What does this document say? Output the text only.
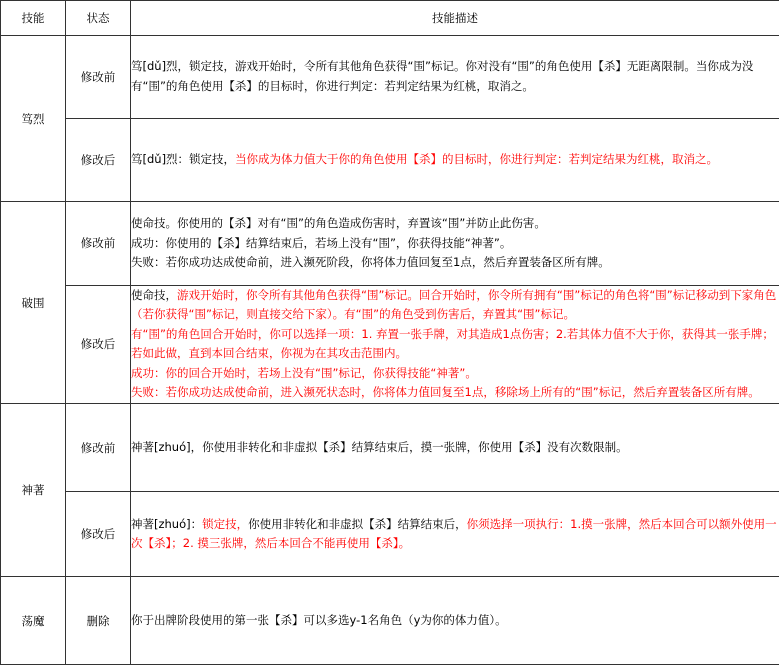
技能	状态	技能描述
笃烈	修改前	笃[dǔ]烈，锁定技，游戏开始时，令所有其他角色获得“围”标记。你对没有“围”的角色使用【杀】无距离限制。当你成为没有“围”的角色使用【杀】的目标时，你进行判定：若判定结果为红桃，取消之。

	修改后	笃[dǔ]烈：锁定技，当你成为体力值大于你的角色使用【杀】的目标时，你进行判定：若判定结果为红桃，取消之。

破围	修改前	使命技。你使用的【杀】对有“围”的角色造成伤害时，弃置该“围”并防止此伤害。
成功：你使用的【杀】结算结束后，若场上没有“围”，你获得技能“神著”。
失败：若你成功达成使命前，进入濒死阶段，你将体力值回复至1点，然后弃置装备区所有牌。

	修改后	使命技，游戏开始时，你令所有其他角色获得“围”标记。回合开始时，你令所有拥有“围”标记的角色将“围”标记移动到下家角色（若你获得“围”标记，则直接交给下家）。有“围”的角色受到伤害后，弃置其“围”标记。
有“围”的角色回合开始时，你可以选择一项：1. 弃置一张手牌，对其造成1点伤害；2.若其体力值不大于你，获得其一张手牌；若如此做，直到本回合结束，你视为在其攻击范围内。
成功：你的回合开始时，若场上没有“围”标记，你获得技能“神著”。
失败：若你成功达成使命前，进入濒死状态时，你将体力值回复至1点，移除场上所有的“围”标记，然后弃置装备区所有牌。

神著	修改前	神著[zhuó]，你使用非转化和非虚拟【杀】结算结束后，摸一张牌，你使用【杀】没有次数限制。

	修改后	神著[zhuó]：锁定技，你使用非转化和非虚拟【杀】结算结束后，你须选择一项执行：1.摸一张牌，然后本回合可以额外使用一次【杀】；2. 摸三张牌，然后本回合不能再使用【杀】。

荡魔	删除	你于出牌阶段使用的第一张【杀】可以多选y-1名角色（y为你的体力值）。
